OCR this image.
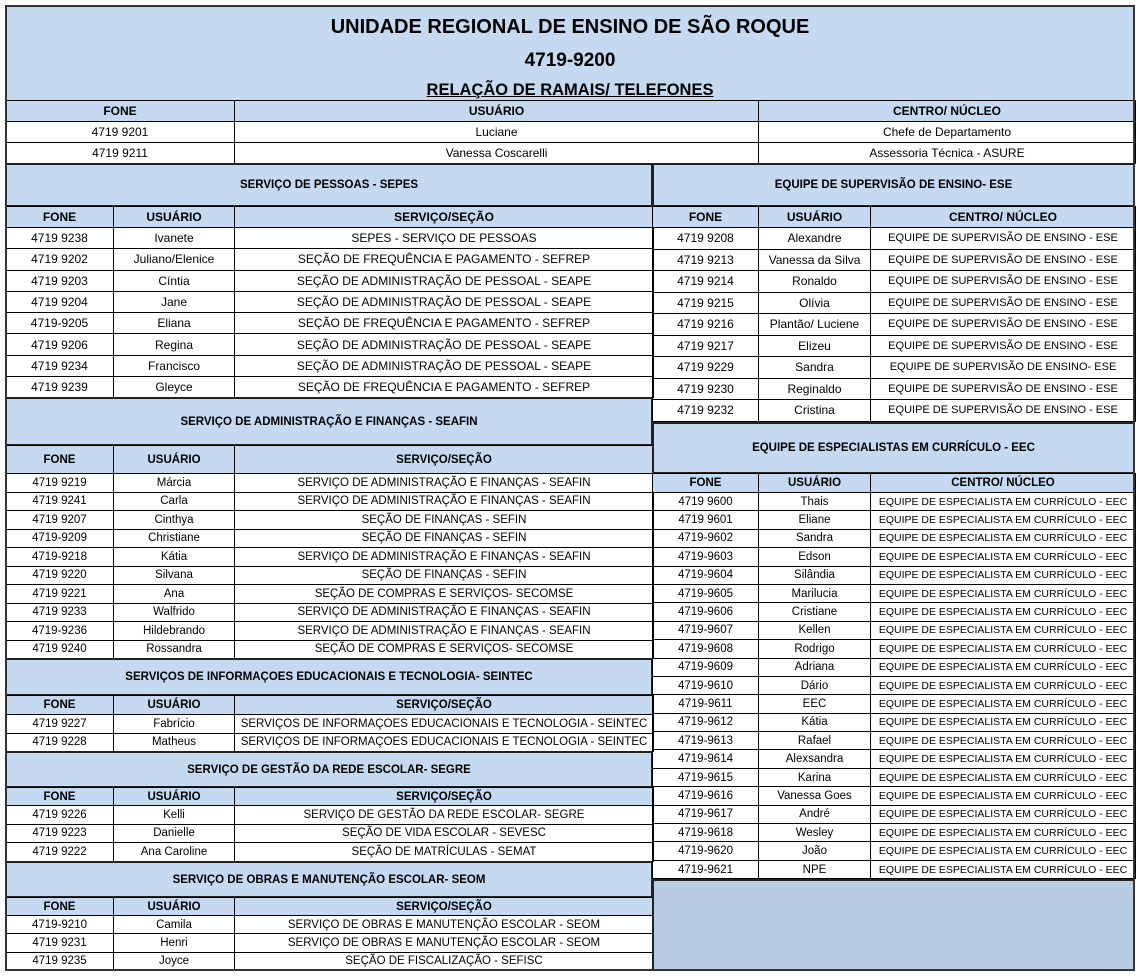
UNIDADE REGIONAL DE ENSINO DE SÃO ROQUE
4719-9200
RELAÇÃO DE RAMAIS/ TELEFONES
FONE	USUÁRIO	CENTRO/ NÚCLEO
4719 9201	Luciane	Chefe de Departamento
4719 9211	Vanessa Coscarelli	Assessoria Técnica - ASURE
SERVIÇO DE PESSOAS - SEPES
FONE	USUÁRIO	SERVIÇO/SEÇÃO
4719 9238	Ivanete	SEPES - SERVIÇO DE PESSOAS
4719 9202	Juliano/Elenice	SEÇÃO DE FREQUÊNCIA E PAGAMENTO - SEFREP
4719 9203	Cíntia	SEÇÃO DE ADMINISTRAÇÃO DE PESSOAL - SEAPE
4719 9204	Jane	SEÇÃO DE ADMINISTRAÇÃO DE PESSOAL - SEAPE
4719-9205	Eliana	SEÇÃO DE FREQUÊNCIA E PAGAMENTO - SEFREP
4719 9206	Regina	SEÇÃO DE ADMINISTRAÇÃO DE PESSOAL - SEAPE
4719 9234	Francisco	SEÇÃO DE ADMINISTRAÇÃO DE PESSOAL - SEAPE
4719 9239	Gleyce	SEÇÃO DE FREQUÊNCIA E PAGAMENTO - SEFREP
SERVIÇO DE ADMINISTRAÇÃO E FINANÇAS - SEAFIN
FONE	USUÁRIO	SERVIÇO/SEÇÃO
4719 9219	Márcia	SERVIÇO DE ADMINISTRAÇÃO E FINANÇAS - SEAFIN
4719 9241	Carla	SERVIÇO DE ADMINISTRAÇÃO E FINANÇAS - SEAFIN
4719 9207	Cinthya	SEÇÃO DE FINANÇAS - SEFIN
4719-9209	Christiane	SEÇÃO DE FINANÇAS - SEFIN
4719-9218	Kátia	SERVIÇO DE ADMINISTRAÇÃO E FINANÇAS - SEAFIN
4719 9220	Silvana	SEÇÃO DE FINANÇAS - SEFIN
4719 9221	Ana	SEÇÃO DE COMPRAS E SERVIÇOS- SECOMSE
4719 9233	Walfrido	SERVIÇO DE ADMINISTRAÇÃO E FINANÇAS - SEAFIN
4719-9236	Hildebrando	SERVIÇO DE ADMINISTRAÇÃO E FINANÇAS - SEAFIN
4719 9240	Rossandra	SEÇÃO DE COMPRAS E SERVIÇOS- SECOMSE
SERVIÇOS DE INFORMAÇOES EDUCACIONAIS E TECNOLOGIA- SEINTEC
FONE	USUÁRIO	SERVIÇO/SEÇÃO
4719 9227	Fabrício	SERVIÇOS DE INFORMAÇOES EDUCACIONAIS E TECNOLOGIA - SEINTEC
4719 9228	Matheus	SERVIÇOS DE INFORMAÇOES EDUCACIONAIS E TECNOLOGIA - SEINTEC
SERVIÇO DE GESTÃO DA REDE ESCOLAR- SEGRE
FONE	USUÁRIO	SERVIÇO/SEÇÃO
4719 9226	Kelli	SERVIÇO DE GESTÃO DA REDE ESCOLAR- SEGRE
4719 9223	Danielle	SEÇÃO DE VIDA ESCOLAR - SEVESC
4719 9222	Ana Caroline	SEÇÃO DE MATRÍCULAS - SEMAT
SERVIÇO DE OBRAS E MANUTENÇÃO ESCOLAR- SEOM
FONE	USUÁRIO	SERVIÇO/SEÇÃO
4719-9210	Camila	SERVIÇO DE OBRAS E MANUTENÇÃO ESCOLAR - SEOM
4719 9231	Henri	SERVIÇO DE OBRAS E MANUTENÇÃO ESCOLAR - SEOM
4719 9235	Joyce	SEÇÃO DE FISCALIZAÇÃO - SEFISC
EQUIPE DE SUPERVISÃO DE ENSINO- ESE
FONE	USUÁRIO	CENTRO/ NÚCLEO
4719 9208	Alexandre	EQUIPE DE SUPERVISÃO DE ENSINO - ESE
4719 9213	Vanessa da Silva	EQUIPE DE SUPERVISÃO DE ENSINO - ESE
4719 9214	Ronaldo	EQUIPE DE SUPERVISÃO DE ENSINO - ESE
4719 9215	Olívia	EQUIPE DE SUPERVISÃO DE ENSINO - ESE
4719 9216	Plantão/ Luciene	EQUIPE DE SUPERVISÃO DE ENSINO - ESE
4719 9217	Elizeu	EQUIPE DE SUPERVISÃO DE ENSINO - ESE
4719 9229	Sandra	EQUIPE DE SUPERVISÃO DE ENSINO- ESE
4719 9230	Reginaldo	EQUIPE DE SUPERVISÃO DE ENSINO - ESE
4719 9232	Cristina	EQUIPE DE SUPERVISÃO DE ENSINO - ESE
EQUIPE DE ESPECIALISTAS EM CURRÍCULO - EEC
FONE	USUÁRIO	CENTRO/ NÚCLEO
4719 9600	Thais	EQUIPE DE ESPECIALISTA EM CURRÍCULO - EEC
4719 9601	Eliane	EQUIPE DE ESPECIALISTA EM CURRÍCULO - EEC
4719-9602	Sandra	EQUIPE DE ESPECIALISTA EM CURRÍCULO - EEC
4719-9603	Edson	EQUIPE DE ESPECIALISTA EM CURRÍCULO - EEC
4719-9604	Silândia	EQUIPE DE ESPECIALISTA EM CURRÍCULO - EEC
4719-9605	Marilucia	EQUIPE DE ESPECIALISTA EM CURRÍCULO - EEC
4719-9606	Cristiane	EQUIPE DE ESPECIALISTA EM CURRÍCULO - EEC
4719-9607	Kellen	EQUIPE DE ESPECIALISTA EM CURRÍCULO - EEC
4719-9608	Rodrigo	EQUIPE DE ESPECIALISTA EM CURRÍCULO - EEC
4719-9609	Adriana	EQUIPE DE ESPECIALISTA EM CURRÍCULO - EEC
4719-9610	Dário	EQUIPE DE ESPECIALISTA EM CURRÍCULO - EEC
4719-9611	EEC	EQUIPE DE ESPECIALISTA EM CURRÍCULO - EEC
4719-9612	Kátia	EQUIPE DE ESPECIALISTA EM CURRÍCULO - EEC
4719-9613	Rafael	EQUIPE DE ESPECIALISTA EM CURRÍCULO - EEC
4719-9614	Alexsandra	EQUIPE DE ESPECIALISTA EM CURRÍCULO - EEC
4719-9615	Karina	EQUIPE DE ESPECIALISTA EM CURRÍCULO - EEC
4719-9616	Vanessa Goes	EQUIPE DE ESPECIALISTA EM CURRÍCULO - EEC
4719-9617	André	EQUIPE DE ESPECIALISTA EM CURRÍCULO - EEC
4719-9618	Wesley	EQUIPE DE ESPECIALISTA EM CURRÍCULO - EEC
4719-9620	João	EQUIPE DE ESPECIALISTA EM CURRÍCULO - EEC
4719-9621	NPE	EQUIPE DE ESPECIALISTA EM CURRÍCULO - EEC
